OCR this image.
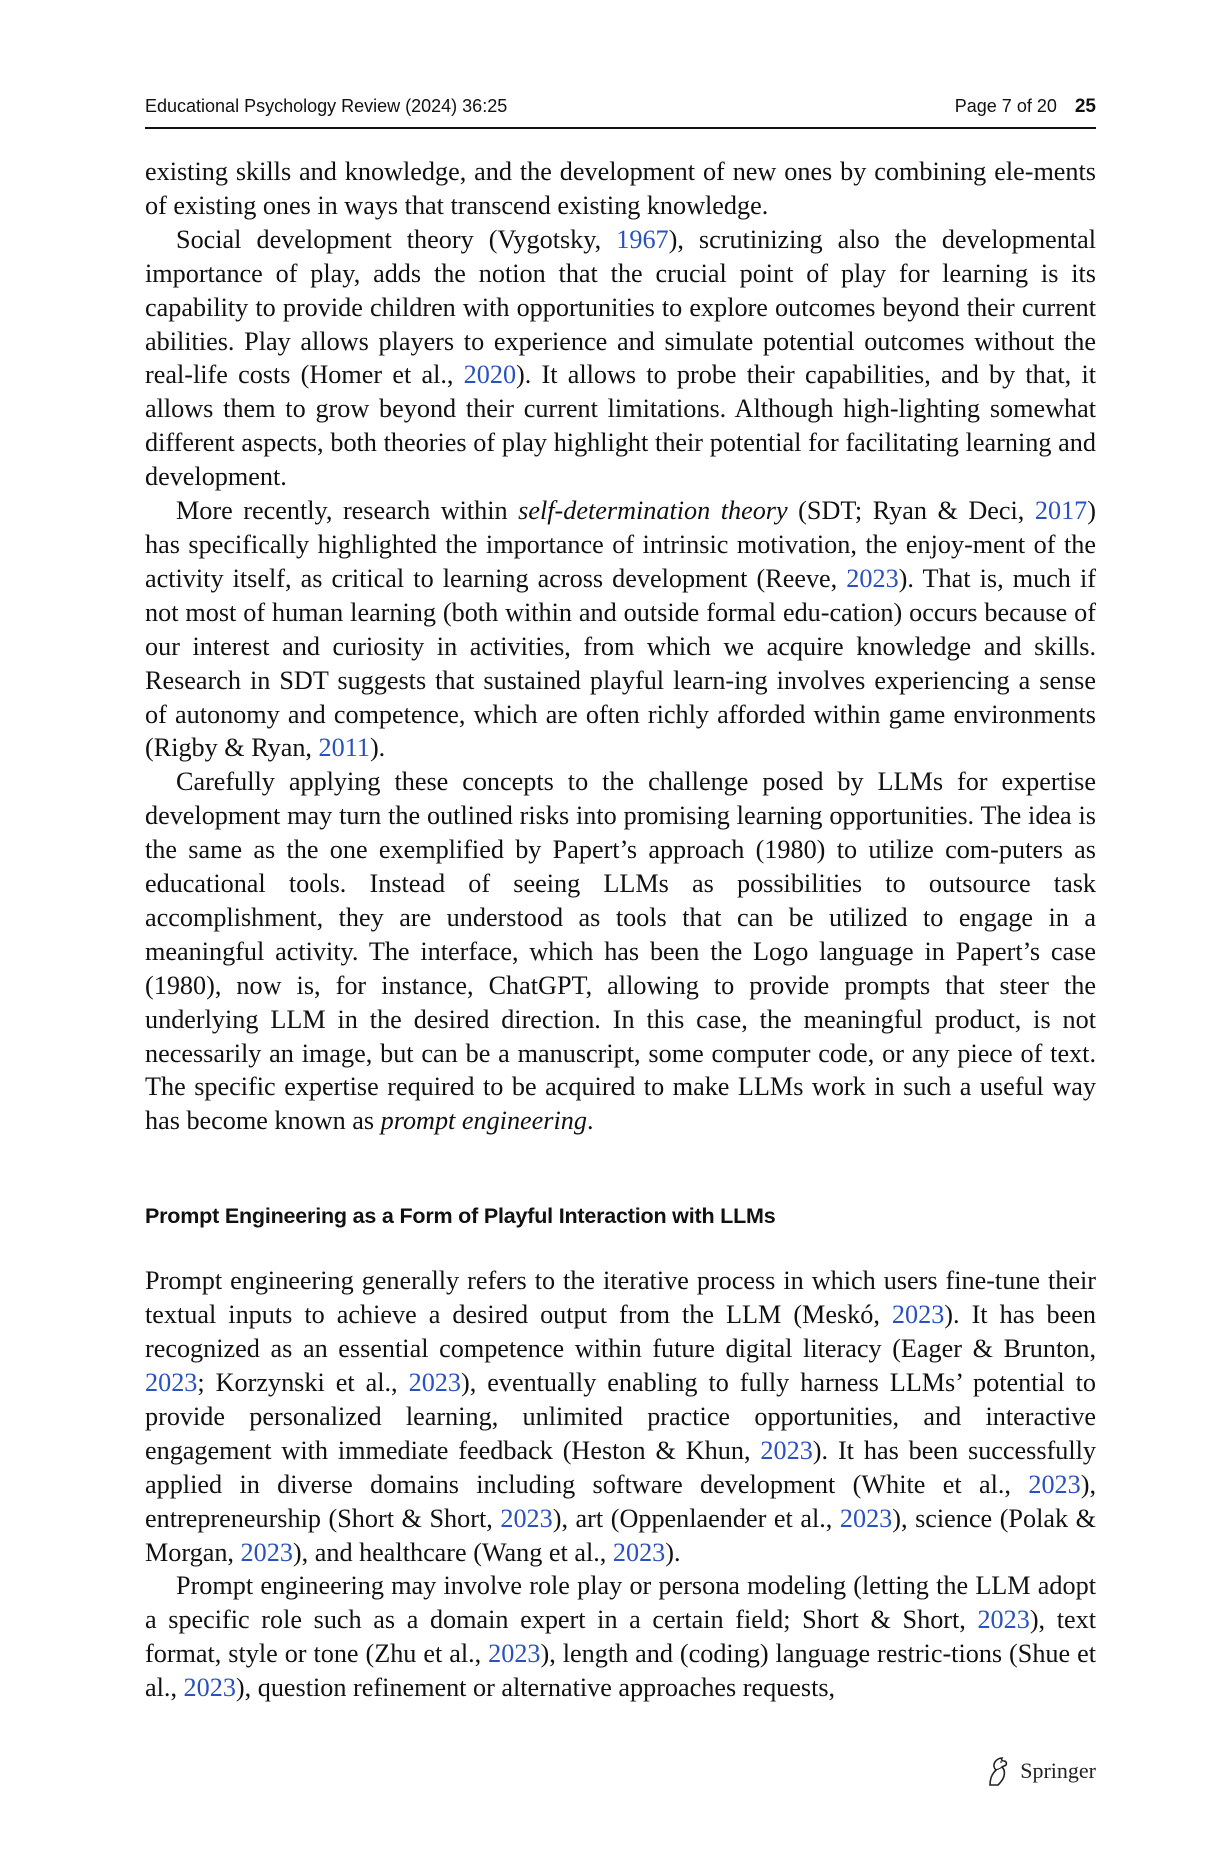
Educational Psychology Review (2024) 36:25	Page 7 of 20 25

existing skills and knowledge, and the development of new ones by combining ele-ments of existing ones in ways that transcend existing knowledge.

Social development theory (Vygotsky, 1967), scrutinizing also the developmental importance of play, adds the notion that the crucial point of play for learning is its capability to provide children with opportunities to explore outcomes beyond their current abilities. Play allows players to experience and simulate potential outcomes without the real-life costs (Homer et al., 2020). It allows to probe their capabilities, and by that, it allows them to grow beyond their current limitations. Although high-lighting somewhat different aspects, both theories of play highlight their potential for facilitating learning and development.

More recently, research within self-determination theory (SDT; Ryan & Deci, 2017) has specifically highlighted the importance of intrinsic motivation, the enjoy-ment of the activity itself, as critical to learning across development (Reeve, 2023). That is, much if not most of human learning (both within and outside formal edu-cation) occurs because of our interest and curiosity in activities, from which we acquire knowledge and skills. Research in SDT suggests that sustained playful learn-ing involves experiencing a sense of autonomy and competence, which are often richly afforded within game environments (Rigby & Ryan, 2011).

Carefully applying these concepts to the challenge posed by LLMs for expertise development may turn the outlined risks into promising learning opportunities. The idea is the same as the one exemplified by Papert’s approach (1980) to utilize com-puters as educational tools. Instead of seeing LLMs as possibilities to outsource task accomplishment, they are understood as tools that can be utilized to engage in a meaningful activity. The interface, which has been the Logo language in Papert’s case (1980), now is, for instance, ChatGPT, allowing to provide prompts that steer the underlying LLM in the desired direction. In this case, the meaningful product, is not necessarily an image, but can be a manuscript, some computer code, or any piece of text. The specific expertise required to be acquired to make LLMs work in such a useful way has become known as prompt engineering.

Prompt Engineering as a Form of Playful Interaction with LLMs

Prompt engineering generally refers to the iterative process in which users fine-tune their textual inputs to achieve a desired output from the LLM (Meskó, 2023). It has been recognized as an essential competence within future digital literacy (Eager & Brunton, 2023; Korzynski et al., 2023), eventually enabling to fully harness LLMs’ potential to provide personalized learning, unlimited practice opportunities, and interactive engagement with immediate feedback (Heston & Khun, 2023). It has been successfully applied in diverse domains including software development (White et al., 2023), entrepreneurship (Short & Short, 2023), art (Oppenlaender et al., 2023), science (Polak & Morgan, 2023), and healthcare (Wang et al., 2023).

Prompt engineering may involve role play or persona modeling (letting the LLM adopt a specific role such as a domain expert in a certain field; Short & Short, 2023), text format, style or tone (Zhu et al., 2023), length and (coding) language restric-tions (Shue et al., 2023), question refinement or alternative approaches requests,

Springer
